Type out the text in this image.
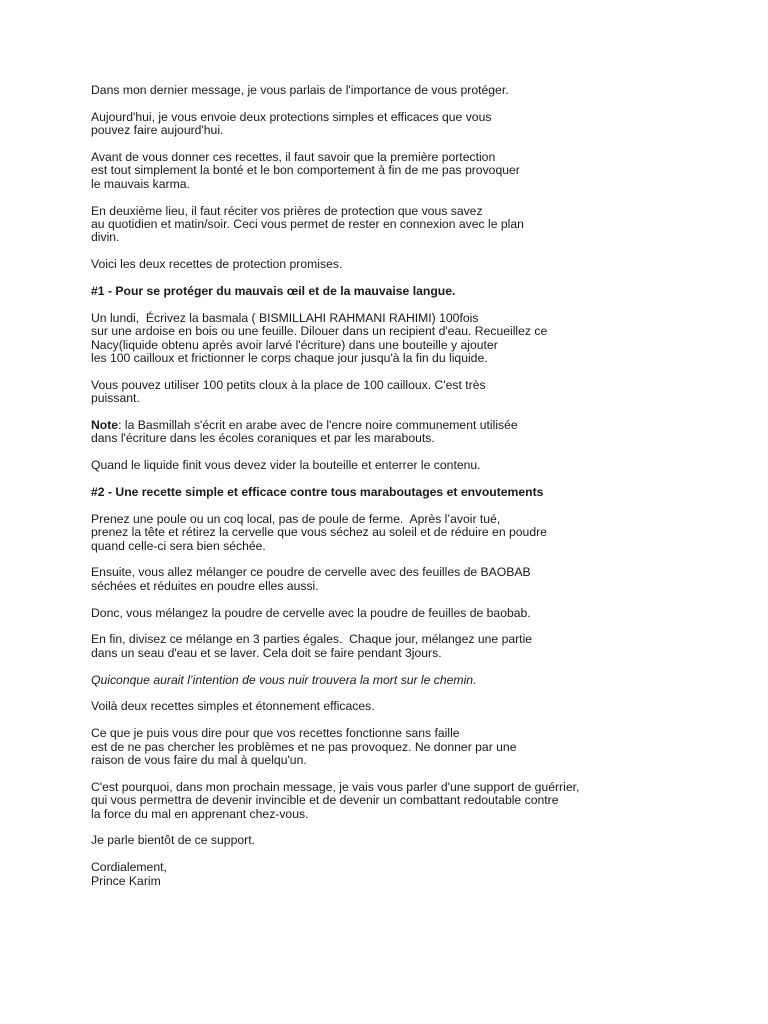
Dans mon dernier message, je vous parlais de l'importance de vous protéger.
Aujourd'hui, je vous envoie deux protections simples et efficaces que vous
pouvez faire aujourd'hui.
Avant de vous donner ces recettes, il faut savoir que la première portection
est tout simplement la bonté et le bon comportement à fin de me pas provoquer
le mauvais karma.
En deuxième lieu, il faut réciter vos prières de protection que vous savez
au quotidien et matin/soir. Ceci vous permet de rester en connexion avec le plan
divin.
Voici les deux recettes de protection promises.
#1 - Pour se protéger du mauvais œil et de la mauvaise langue.
Un lundi,  Écrivez la basmala ( BISMILLAHI RAHMANI RAHIMI) 100fois
sur une ardoise en bois ou une feuille. Dilouer dans un recipient d'eau. Recueillez ce
Nacy(liquide obtenu après avoir larvé l'écriture) dans une bouteille y ajouter
les 100 cailloux et frictionner le corps chaque jour jusqu'à la fin du liquide.
Vous pouvez utiliser 100 petits cloux à la place de 100 cailloux. C'est très
puissant.
Note: la Basmillah s'écrit en arabe avec de l'encre noire communement utilisée
dans l'écriture dans les écoles coraniques et par les marabouts.
Quand le liquide finit vous devez vider la bouteille et enterrer le contenu.
#2 - Une recette simple et efficace contre tous maraboutages et envoutements
Prenez une poule ou un coq local, pas de poule de ferme.  Après l’avoir tué,
prenez la tête et rétirez la cervelle que vous séchez au soleil et de réduire en poudre
quand celle-ci sera bien séchée.
Ensuite, vous allez mélanger ce poudre de cervelle avec des feuilles de BAOBAB
séchées et réduites en poudre elles aussi.
Donc, vous mélangez la poudre de cervelle avec la poudre de feuilles de baobab.
En fin, divisez ce mélange en 3 parties égales.  Chaque jour, mélangez une partie
dans un seau d'eau et se laver. Cela doit se faire pendant 3jours.
Quiconque aurait l’intention de vous nuir trouvera la mort sur le chemin.
Voilà deux recettes simples et étonnement efficaces.
Ce que je puis vous dire pour que vos recettes fonctionne sans faille
est de ne pas chercher les problèmes et ne pas provoquez. Ne donner par une
raison de vous faire du mal à quelqu'un.
C'est pourquoi, dans mon prochain message, je vais vous parler d'une support de guérrier,
qui vous permettra de devenir invincible et de devenir un combattant redoutable contre
la force du mal en apprenant chez-vous.
Je parle bientôt de ce support.
Cordialement,
Prince Karim
